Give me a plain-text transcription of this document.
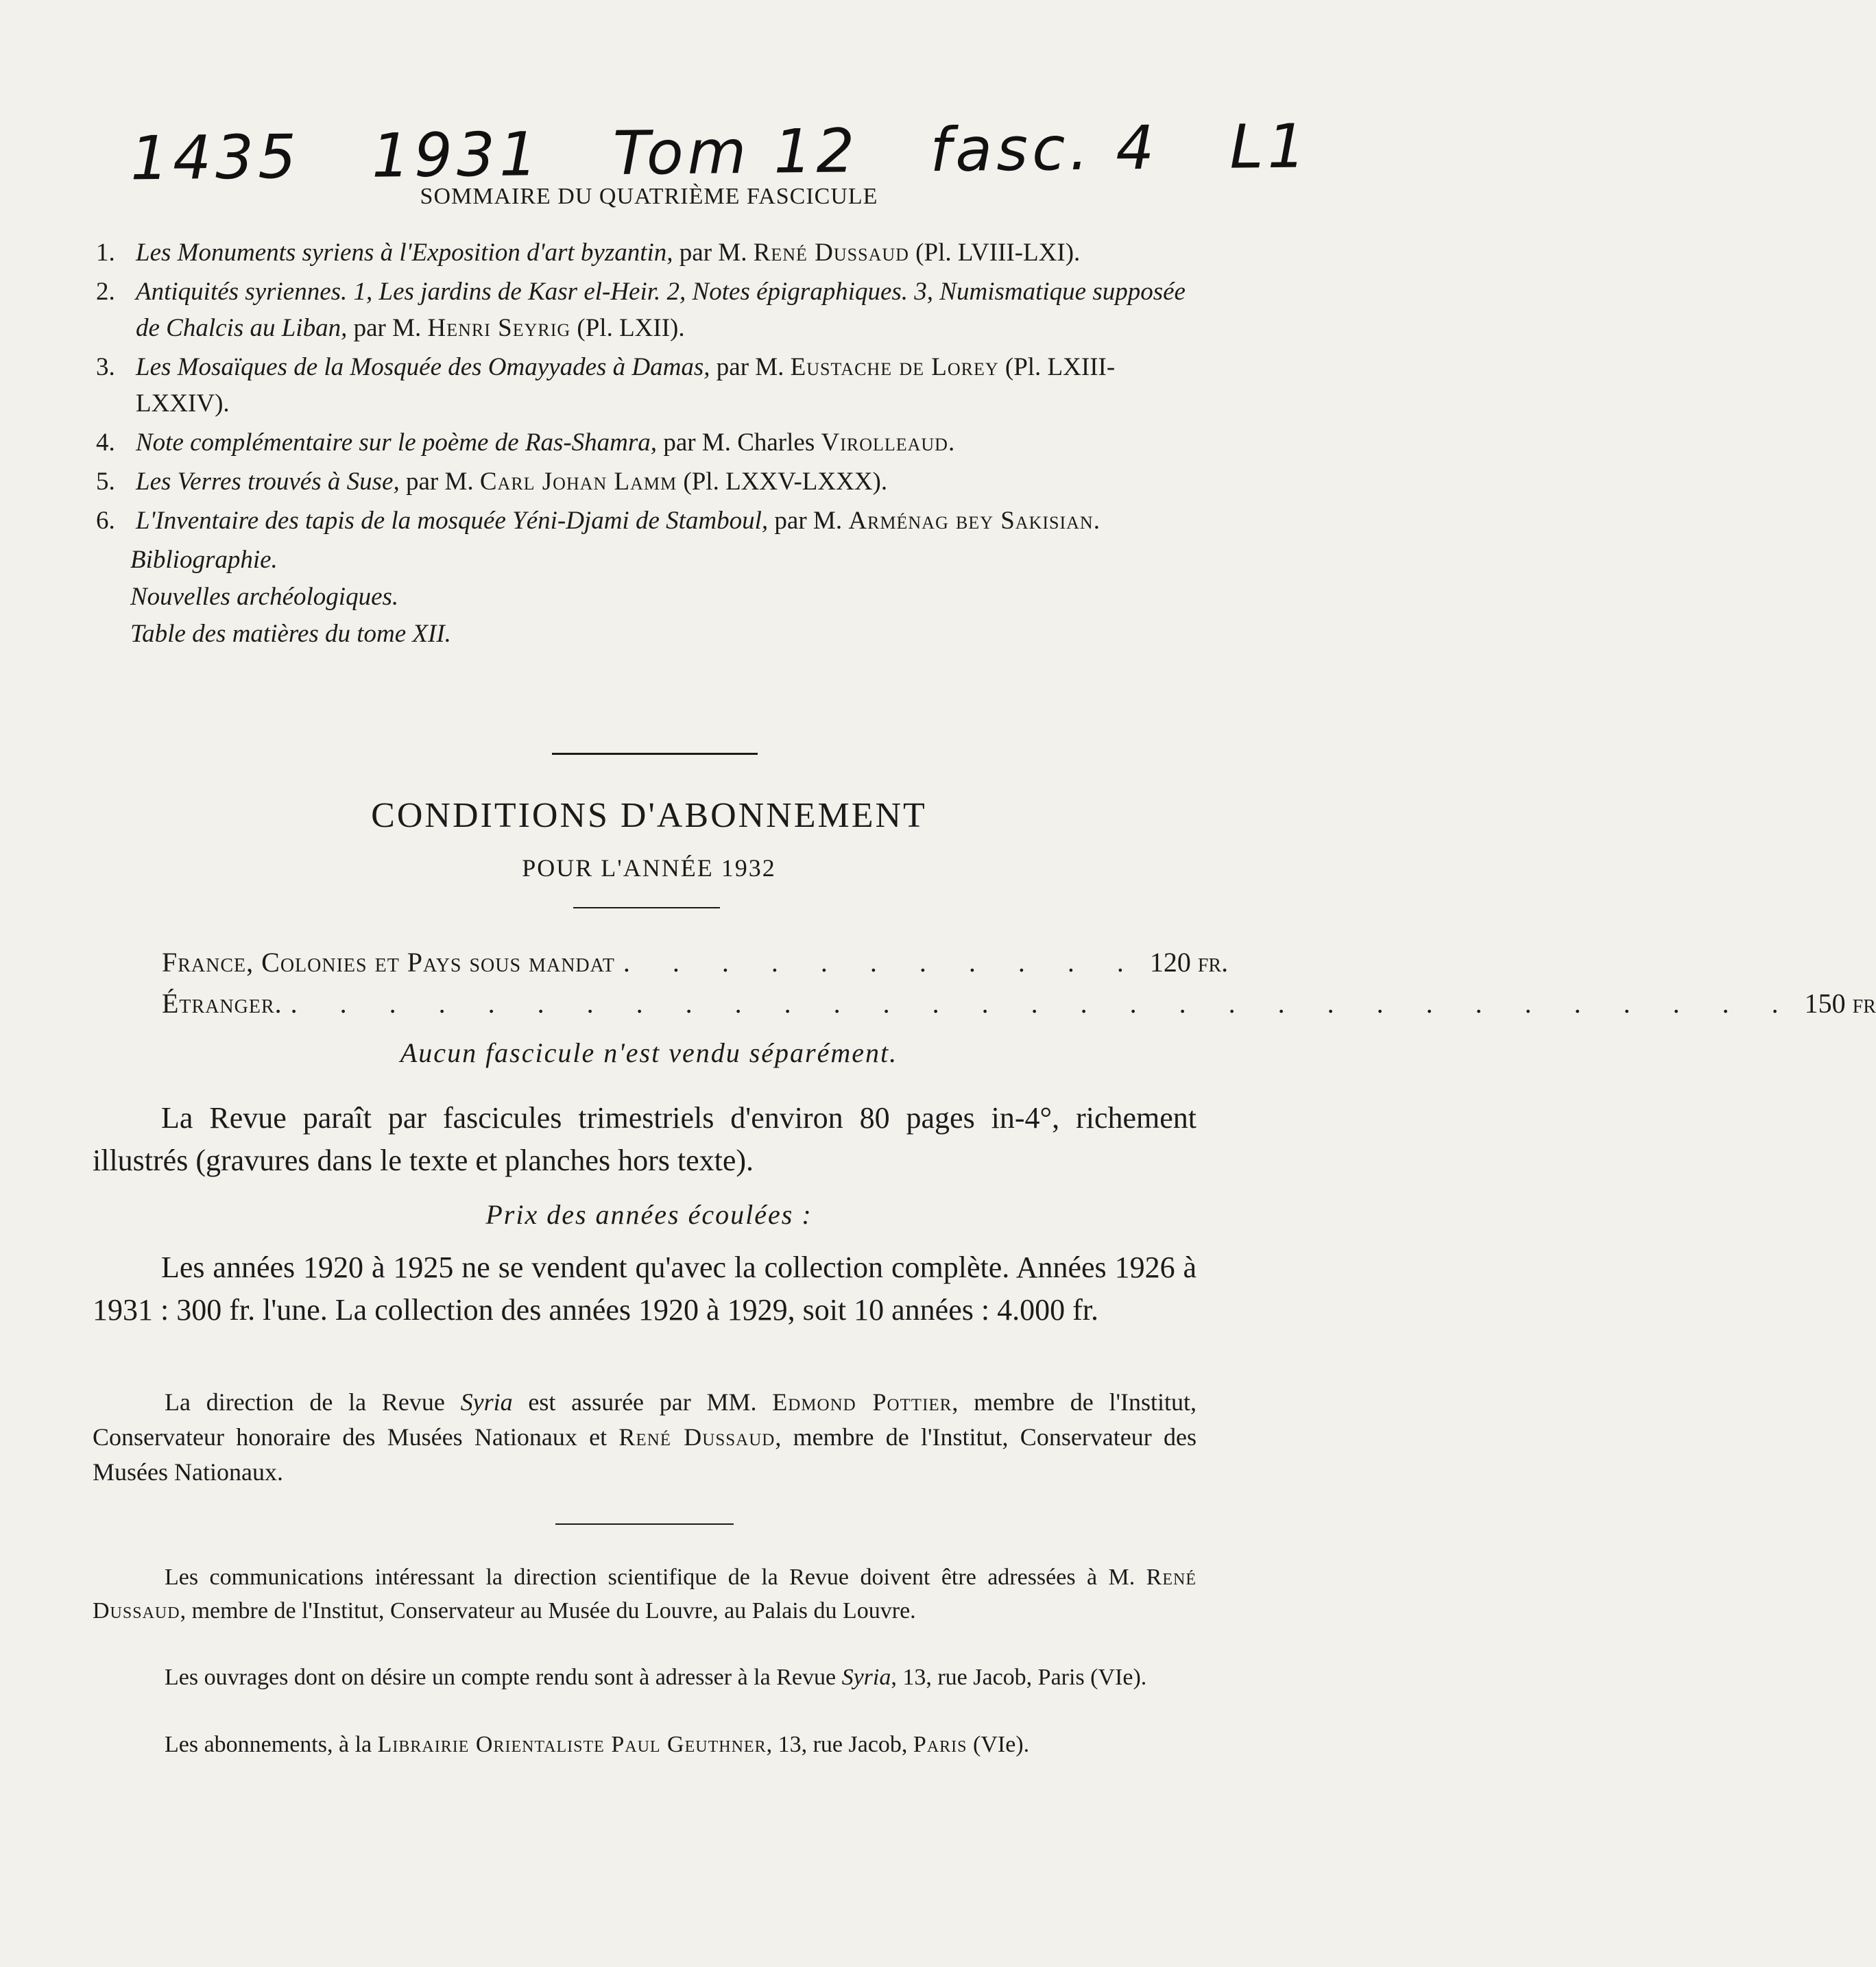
1435 1931 Tom 12 fasc. 4 L1
SOMMAIRE DU QUATRIÈME FASCICULE
1. Les Monuments syriens à l'Exposition d'art byzantin, par M. René Dussaud (Pl. LVIII-LXI).
2. Antiquités syriennes. 1, Les jardins de Kasr el-Heir. 2, Notes épigraphiques. 3, Numismatique supposée de Chalcis au Liban, par M. Henri Seyrig (Pl. LXII).
3. Les Mosaïques de la Mosquée des Omayyades à Damas, par M. Eustache de Lorey (Pl. LXIII-LXXIV).
4. Note complémentaire sur le poème de Ras-Shamra, par M. Charles Virolleaud.
5. Les Verres trouvés à Suse, par M. Carl Johan Lamm (Pl. LXXV-LXXX).
6. L'Inventaire des tapis de la mosquée Yéni-Djami de Stamboul, par M. Arménag bey Sakisian.
Bibliographie.
Nouvelles archéologiques.
Table des matières du tome XII.
CONDITIONS D'ABONNEMENT
POUR L'ANNÉE 1932
France, Colonies et Pays sous mandat . . . . . . . . . . . 120 fr.
Étranger. . . . . . . . . . . . . . . . . . . . . . . . . . . . . . . . 150 fr
Aucun fascicule n'est vendu séparément.
La Revue paraît par fascicules trimestriels d'environ 80 pages in-4°, richement illustrés (gravures dans le texte et planches hors texte).
Prix des années écoulées :
Les années 1920 à 1925 ne se vendent qu'avec la collection complète. Années 1926 à 1931 : 300 fr. l'une. La collection des années 1920 à 1929, soit 10 années : 4.000 fr.
La direction de la Revue Syria est assurée par MM. Edmond Pottier, membre de l'Institut, Conservateur honoraire des Musées Nationaux et René Dussaud, membre de l'Institut, Conservateur des Musées Nationaux.
Les communications intéressant la direction scientifique de la Revue doivent être adressées à M. René Dussaud, membre de l'Institut, Conservateur au Musée du Louvre, au Palais du Louvre.
Les ouvrages dont on désire un compte rendu sont à adresser à la Revue Syria, 13, rue Jacob, Paris (VIe).
Les abonnements, à la Librairie Orientaliste Paul Geuthner, 13, rue Jacob, Paris (VIe).
